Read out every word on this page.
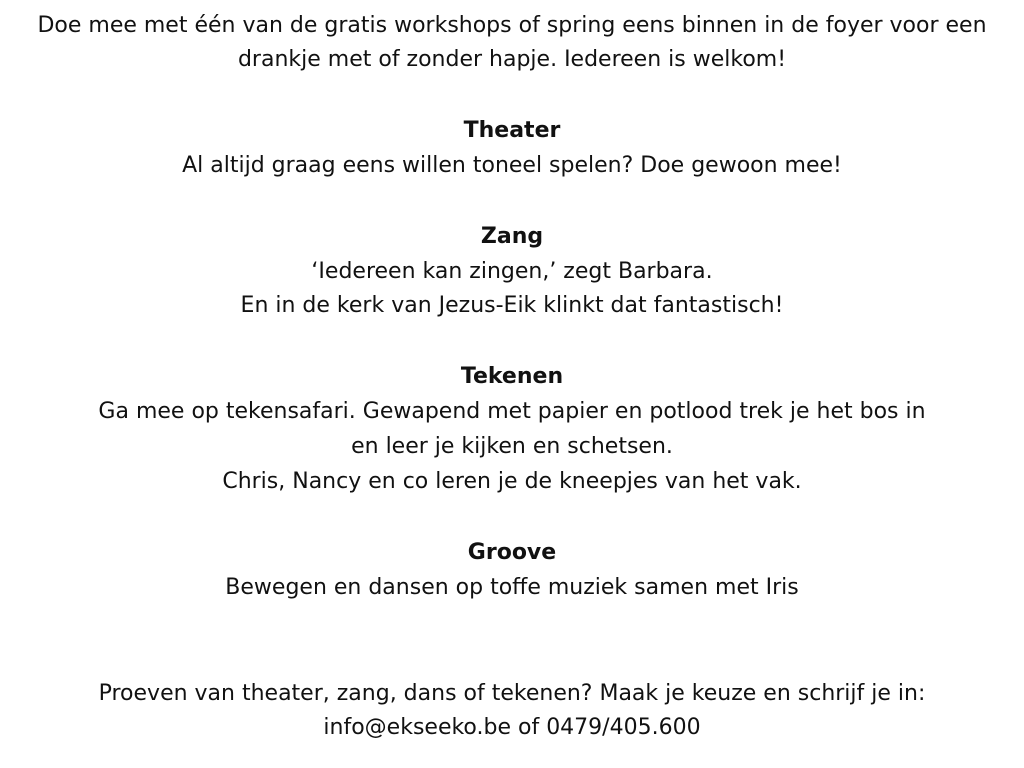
Doe mee met één van de gratis workshops of spring eens binnen in de foyer voor een
drankje met of zonder hapje. Iedereen is welkom!
Theater
Al altijd graag eens willen toneel spelen? Doe gewoon mee!
Zang
‘Iedereen kan zingen,’ zegt Barbara.
En in de kerk van Jezus-Eik klinkt dat fantastisch!
Tekenen
Ga mee op tekensafari. Gewapend met papier en potlood trek je het bos in
en leer je kijken en schetsen.
Chris, Nancy en co leren je de kneepjes van het vak.
Groove
Bewegen en dansen op toffe muziek samen met Iris
Proeven van theater, zang, dans of tekenen? Maak je keuze en schrijf je in:
info@ekseeko.be of 0479/405.600
